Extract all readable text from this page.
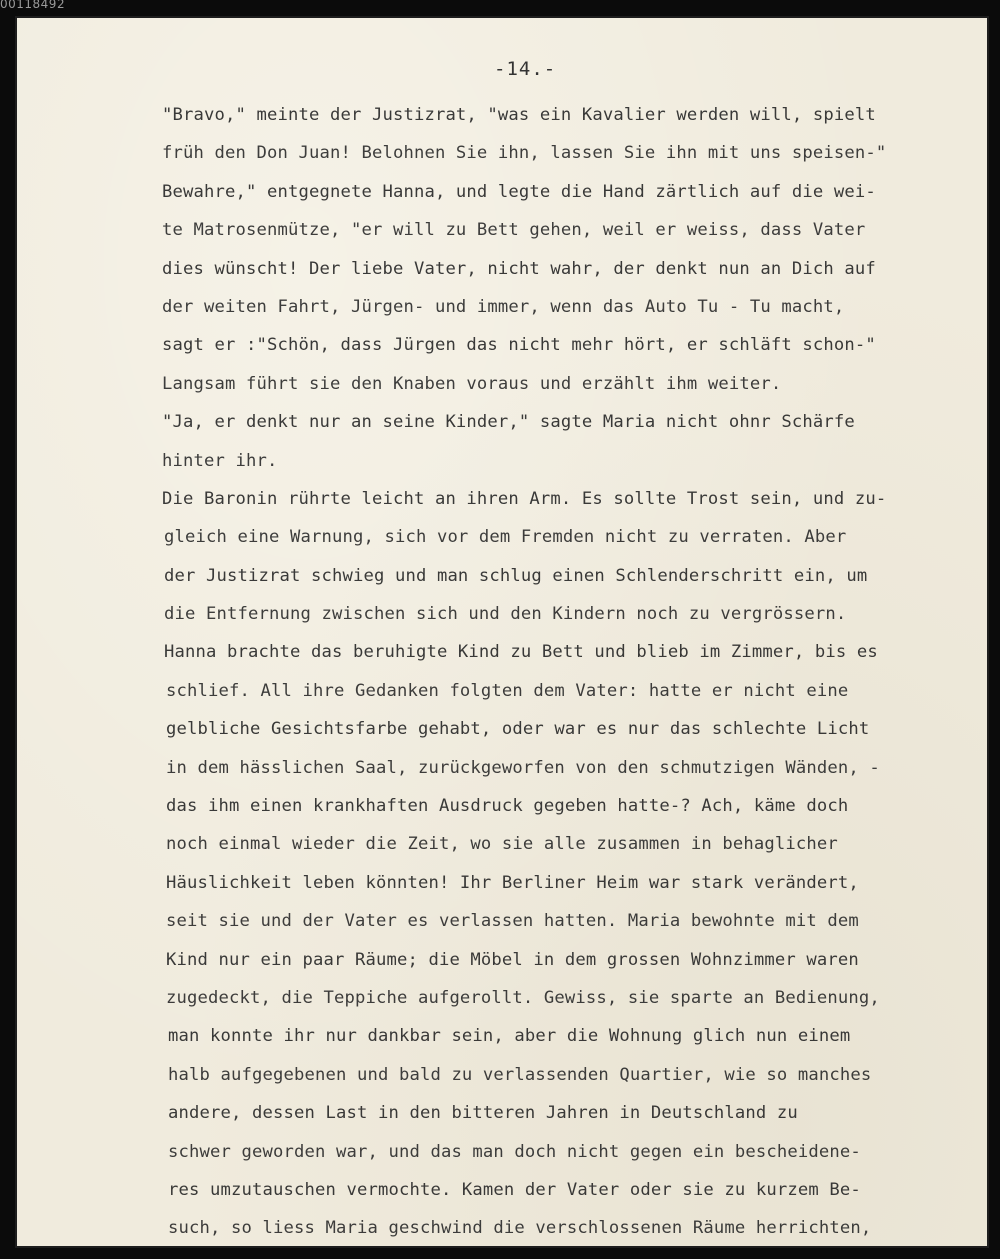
00118492
-14.-
"Bravo," meinte der Justizrat, "was ein Kavalier werden will, spielt
früh den Don Juan! Belohnen Sie ihn, lassen Sie ihn mit uns speisen-"
Bewahre," entgegnete Hanna, und legte die Hand zärtlich auf die wei-
te Matrosenmütze, "er will zu Bett gehen, weil er weiss, dass Vater
dies wünscht! Der liebe Vater, nicht wahr, der denkt nun an Dich auf
der weiten Fahrt, Jürgen- und immer, wenn das Auto Tu - Tu macht,
sagt er :"Schön, dass Jürgen das nicht mehr hört, er schläft schon-"
Langsam führt sie den Knaben voraus und erzählt ihm weiter.
"Ja, er denkt nur an seine Kinder," sagte Maria nicht ohnr Schärfe
hinter ihr.
Die Baronin rührte leicht an ihren Arm. Es sollte Trost sein, und zu-
gleich eine Warnung, sich vor dem Fremden nicht zu verraten. Aber
der Justizrat schwieg und man schlug einen Schlenderschritt ein, um
die Entfernung zwischen sich und den Kindern noch zu vergrössern.
Hanna brachte das beruhigte Kind zu Bett und blieb im Zimmer, bis es
schlief. All ihre Gedanken folgten dem Vater: hatte er nicht eine
gelbliche Gesichtsfarbe gehabt, oder war es nur das schlechte Licht
in dem hässlichen Saal, zurückgeworfen von den schmutzigen Wänden, -
das ihm einen krankhaften Ausdruck gegeben hatte-? Ach, käme doch
noch einmal wieder die Zeit, wo sie alle zusammen in behaglicher
Häuslichkeit leben könnten! Ihr Berliner Heim war stark verändert,
seit sie und der Vater es verlassen hatten. Maria bewohnte mit dem
Kind nur ein paar Räume; die Möbel in dem grossen Wohnzimmer waren
zugedeckt, die Teppiche aufgerollt. Gewiss, sie sparte an Bedienung,
man konnte ihr nur dankbar sein, aber die Wohnung glich nun einem
halb aufgegebenen und bald zu verlassenden Quartier, wie so manches
andere, dessen Last in den bitteren Jahren in Deutschland zu
schwer geworden war, und das man doch nicht gegen ein bescheidene-
res umzutauschen vermochte. Kamen der Vater oder sie zu kurzem Be-
such, so liess Maria geschwind die verschlossenen Räume herrichten,
